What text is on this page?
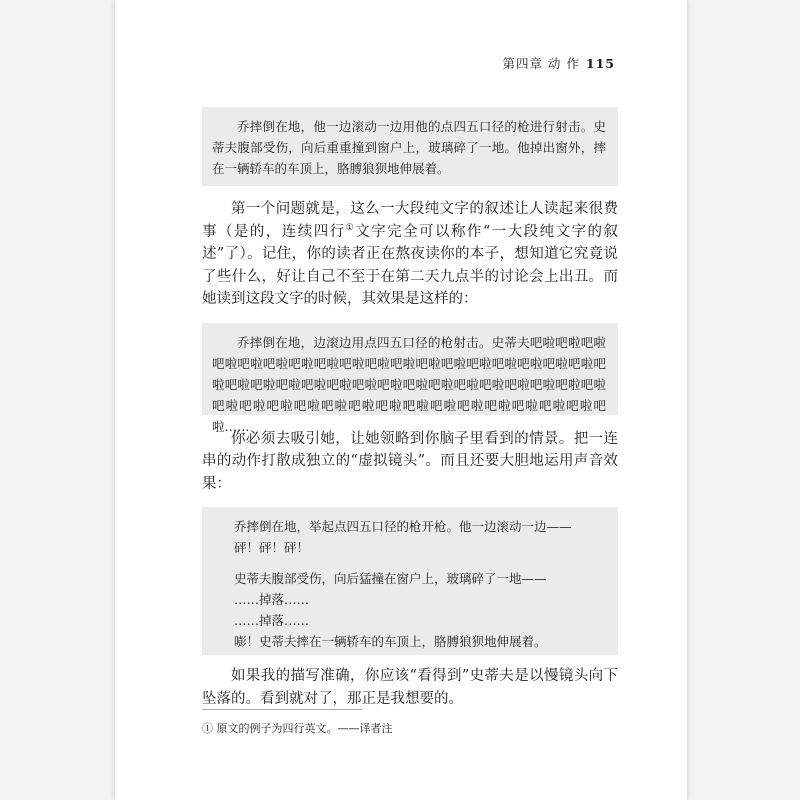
第四章 动 作 115

乔摔倒在地，他一边滚动一边用他的点四五口径的枪进行射击。史蒂夫腹部受伤，向后重重撞到窗户上，玻璃碎了一地。他掉出窗外，摔在一辆轿车的车顶上，胳膊狼狈地伸展着。

第一个问题就是，这么一大段纯文字的叙述让人读起来很费事（是的，连续四行①文字完全可以称作“一大段纯文字的叙述”了）。记住，你的读者正在熬夜读你的本子，想知道它究竟说了些什么，好让自己不至于在第二天九点半的讨论会上出丑。而她读到这段文字的时候，其效果是这样的：

乔摔倒在地，边滚边用点四五口径的枪射击。史蒂夫吧啦吧啦吧啦吧啦吧啦吧啦吧啦吧啦吧啦吧啦吧啦吧啦吧啦吧啦吧啦吧啦吧啦吧啦吧啦吧啦吧啦吧啦吧啦吧啦吧啦吧啦吧啦吧啦吧啦吧啦吧啦吧啦吧啦吧啦吧啦吧啦吧啦吧啦吧啦吧啦吧啦吧啦吧啦吧啦吧啦吧啦吧啦吧啦吧啦……

你必须去吸引她，让她领略到你脑子里看到的情景。把一连串的动作打散成独立的“虚拟镜头”。而且还要大胆地运用声音效果：

乔摔倒在地，举起点四五口径的枪开枪。他一边滚动一边——

砰！砰！砰！

史蒂夫腹部受伤，向后猛撞在窗户上，玻璃碎了一地——

……掉落……

……掉落……

嘭！史蒂夫摔在一辆轿车的车顶上，胳膊狼狈地伸展着。

如果我的描写准确，你应该“看得到”史蒂夫是以慢镜头向下坠落的。看到就对了，那正是我想要的。

① 原文的例子为四行英文。——译者注
